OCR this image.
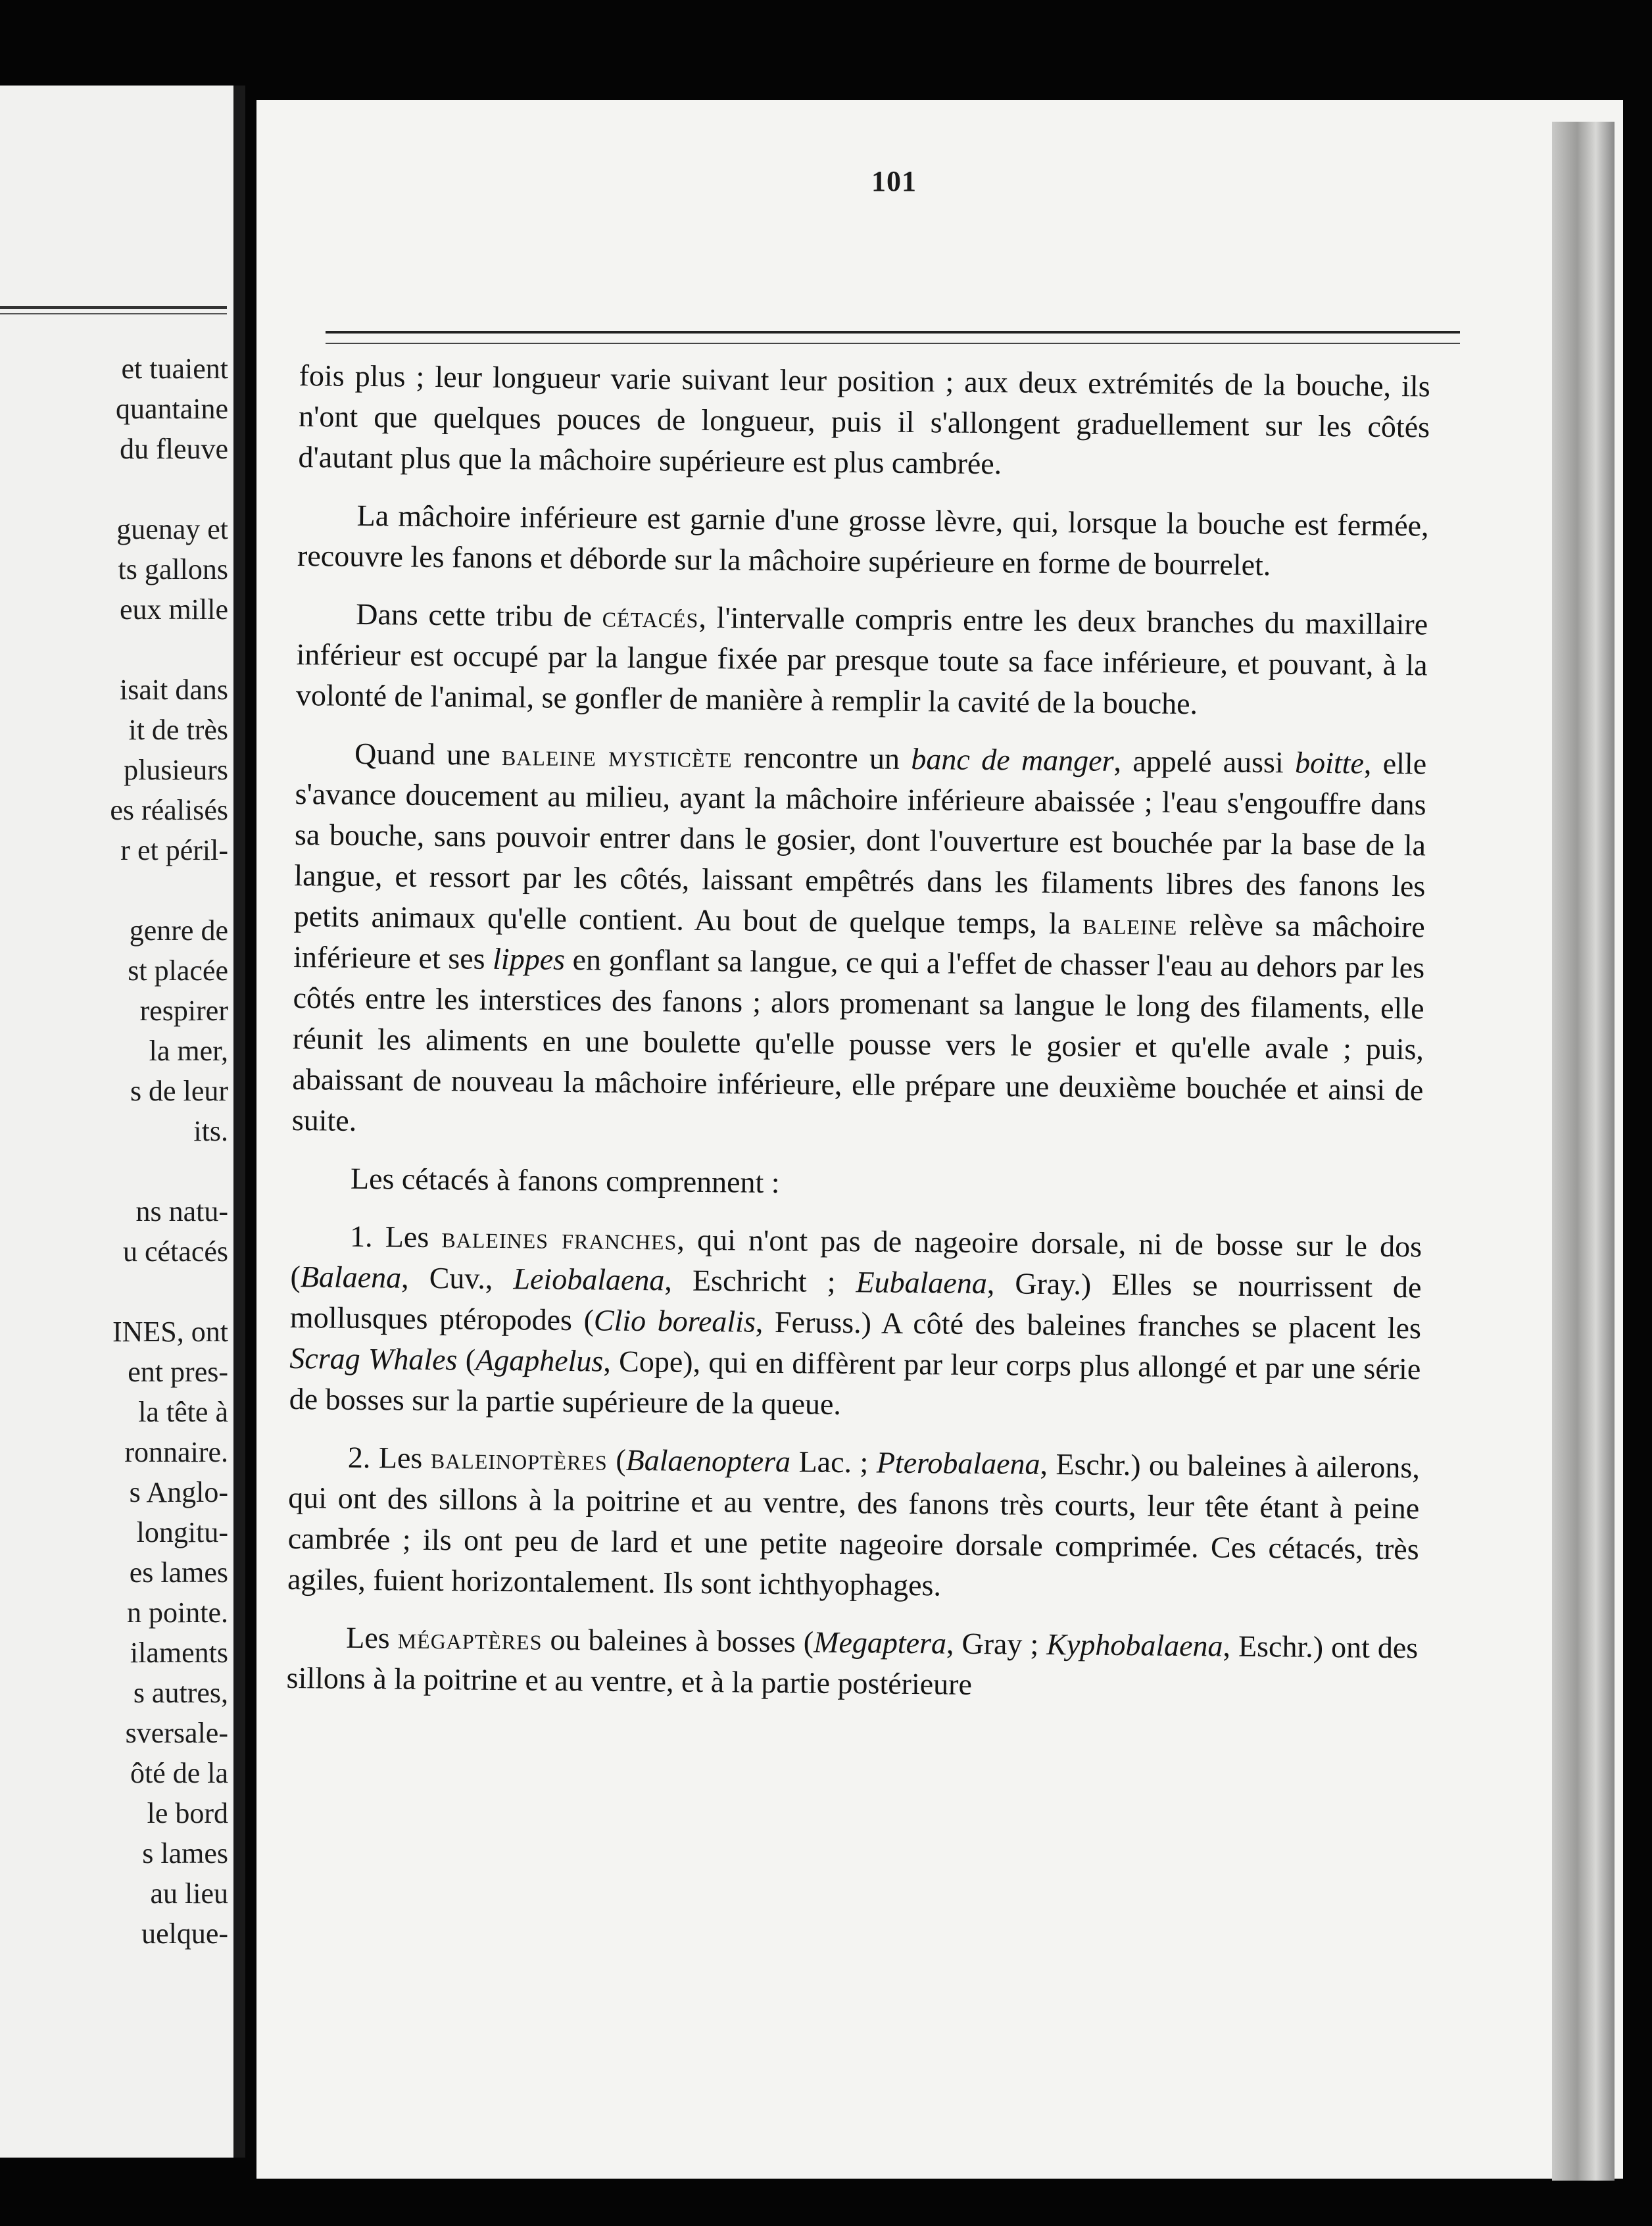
et tuaient
quantaine
du fleuve
guenay et
ts gallons
eux mille
isait dans
it de très
plusieurs
es réalisés
r et péril-
genre de
st placée
respirer
la mer,
s de leur
its.
ns natu-
u cétacés
INES, ont
ent pres-
la tête à
ronnaire.
s Anglo-
longitu-
es lames
n pointe.
ilaments
s autres,
sversale-
ôté de la
le bord
s lames
au lieu
uelque-
101

fois plus ; leur longueur varie suivant leur position ; aux deux extrémités de la bouche, ils n'ont que quelques pouces de longueur, puis il s'allongent graduellement sur les côtés d'autant plus que la mâchoire supérieure est plus cambrée.

La mâchoire inférieure est garnie d'une grosse lèvre, qui, lorsque la bouche est fermée, recouvre les fanons et déborde sur la mâchoire supérieure en forme de bourrelet.

Dans cette tribu de cétacés, l'intervalle compris entre les deux branches du maxillaire inférieur est occupé par la langue fixée par presque toute sa face inférieure, et pouvant, à la volonté de l'animal, se gonfler de manière à remplir la cavité de la bouche.

Quand une baleine mysticète rencontre un banc de manger, appelé aussi boitte, elle s'avance doucement au milieu, ayant la mâchoire inférieure abaissée ; l'eau s'engouffre dans sa bouche, sans pouvoir entrer dans le gosier, dont l'ouverture est bouchée par la base de la langue, et ressort par les côtés, laissant empêtrés dans les filaments libres des fanons les petits animaux qu'elle contient. Au bout de quelque temps, la baleine relève sa mâchoire inférieure et ses lippes en gonflant sa langue, ce qui a l'effet de chasser l'eau au dehors par les côtés entre les interstices des fanons ; alors promenant sa langue le long des filaments, elle réunit les aliments en une boulette qu'elle pousse vers le gosier et qu'elle avale ; puis, abaissant de nouveau la mâchoire inférieure, elle prépare une deuxième bouchée et ainsi de suite.

Les cétacés à fanons comprennent :

1. Les baleines franches, qui n'ont pas de nageoire dorsale, ni de bosse sur le dos (Balaena, Cuv., Leiobalaena, Eschricht ; Eubalaena, Gray.) Elles se nourrissent de mollusques ptéropodes (Clio borealis, Feruss.) A côté des baleines franches se placent les Scrag Whales (Agaphelus, Cope), qui en diffèrent par leur corps plus allongé et par une série de bosses sur la partie supérieure de la queue.

2. Les baleinoptères (Balaenoptera Lac. ; Pterobalaena, Eschr.) ou baleines à ailerons, qui ont des sillons à la poitrine et au ventre, des fanons très courts, leur tête étant à peine cambrée ; ils ont peu de lard et une petite nageoire dorsale comprimée. Ces cétacés, très agiles, fuient horizontalement. Ils sont ichthyophages.

Les mégaptères ou baleines à bosses (Megaptera, Gray ; Kyphobalaena, Eschr.) ont des sillons à la poitrine et au ventre, et à la partie postérieure
